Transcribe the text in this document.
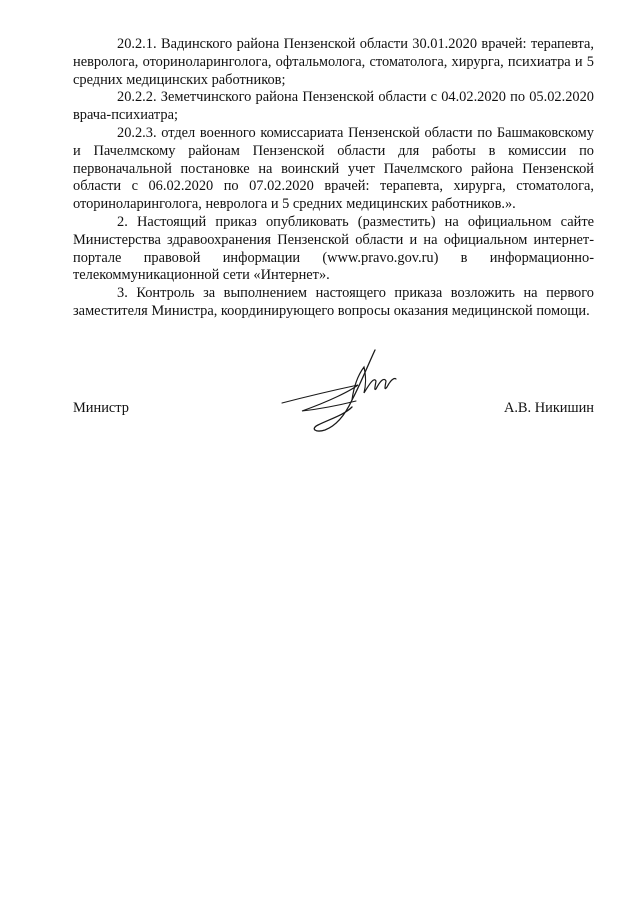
20.2.1. Вадинского района Пензенской области 30.01.2020 врачей: терапевта, невролога, оториноларинголога, офтальмолога, стоматолога, хирурга, психиатра и 5 средних медицинских работников;

20.2.2. Земетчинского района Пензенской области с 04.02.2020 по 05.02.2020 врача-психиатра;

20.2.3. отдел военного комиссариата Пензенской области по Башмаковскому и Пачелмскому районам Пензенской области для работы в комиссии по первоначальной постановке на воинский учет Пачелмского района Пензенской области с 06.02.2020 по 07.02.2020 врачей: терапевта, хирурга, стоматолога, оториноларинголога, невролога и 5 средних медицинских работников.».

2. Настоящий приказ опубликовать (разместить) на официальном сайте Министерства здравоохранения Пензенской области и на официальном интернет-портале правовой информации (www.pravo.gov.ru) в информационно-телекоммуникационной сети «Интернет».

3. Контроль за выполнением настоящего приказа возложить на первого заместителя Министра, координирующего вопросы оказания медицинской помощи.

Министр	А.В. Никишин
